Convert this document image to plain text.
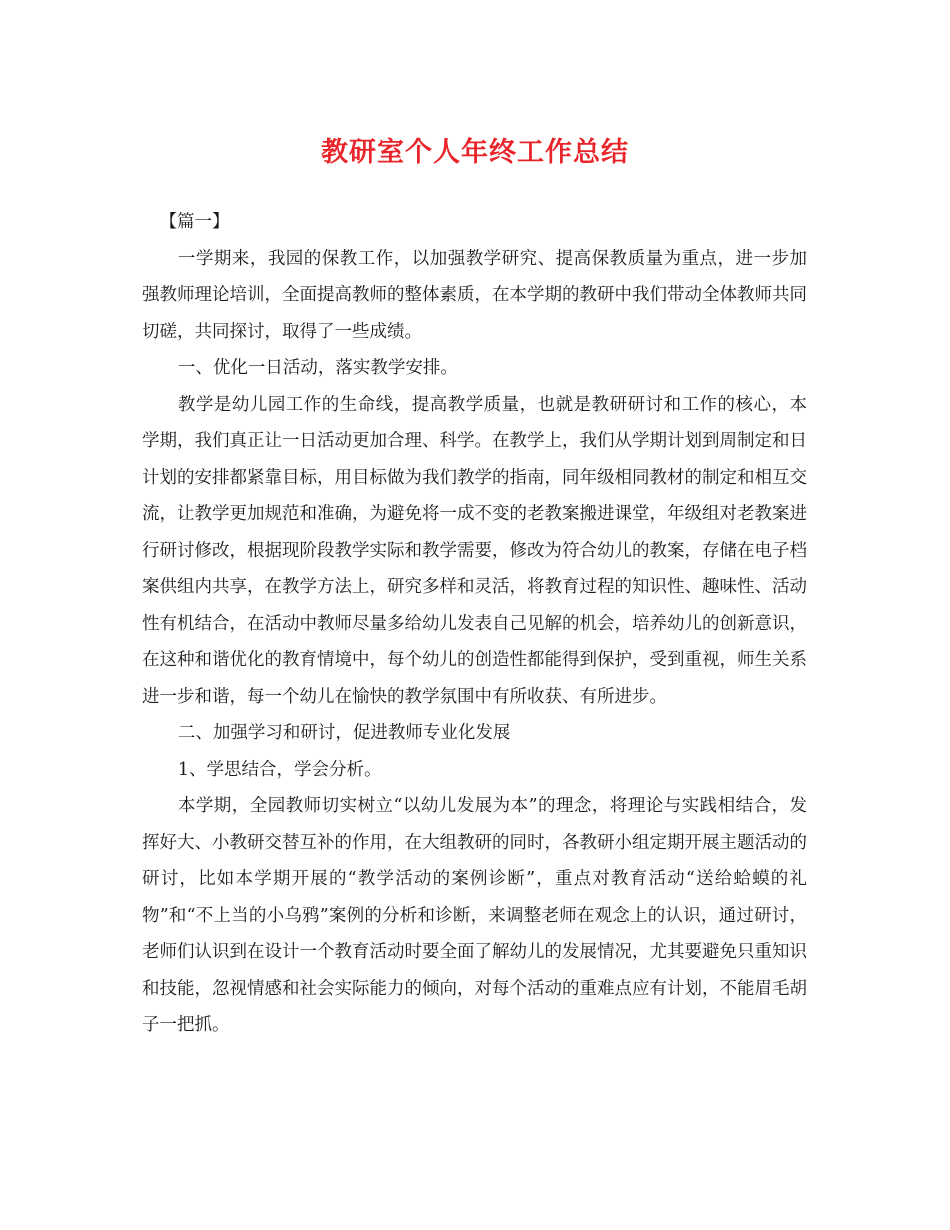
教研室个人年终工作总结

【篇一】

一学期来，我园的保教工作，以加强教学研究、提高保教质量为重点，进一步加强教师理论培训，全面提高教师的整体素质，在本学期的教研中我们带动全体教师共同切磋，共同探讨，取得了一些成绩。

一、优化一日活动，落实教学安排。

教学是幼儿园工作的生命线，提高教学质量，也就是教研研讨和工作的核心，本学期，我们真正让一日活动更加合理、科学。在教学上，我们从学期计划到周制定和日计划的安排都紧靠目标，用目标做为我们教学的指南，同年级相同教材的制定和相互交流，让教学更加规范和准确，为避免将一成不变的老教案搬进课堂，年级组对老教案进行研讨修改，根据现阶段教学实际和教学需要，修改为符合幼儿的教案，存储在电子档案供组内共享，在教学方法上，研究多样和灵活，将教育过程的知识性、趣味性、活动性有机结合，在活动中教师尽量多给幼儿发表自己见解的机会，培养幼儿的创新意识，在这种和谐优化的教育情境中，每个幼儿的创造性都能得到保护，受到重视，师生关系进一步和谐，每一个幼儿在愉快的教学氛围中有所收获、有所进步。

二、加强学习和研讨，促进教师专业化发展

1、学思结合，学会分析。

本学期，全园教师切实树立“以幼儿发展为本”的理念，将理论与实践相结合，发挥好大、小教研交替互补的作用，在大组教研的同时，各教研小组定期开展主题活动的研讨，比如本学期开展的“教学活动的案例诊断”，重点对教育活动“送给蛤蟆的礼物”和“不上当的小乌鸦”案例的分析和诊断，来调整老师在观念上的认识，通过研讨，老师们认识到在设计一个教育活动时要全面了解幼儿的发展情况，尤其要避免只重知识和技能，忽视情感和社会实际能力的倾向，对每个活动的重难点应有计划，不能眉毛胡子一把抓。
